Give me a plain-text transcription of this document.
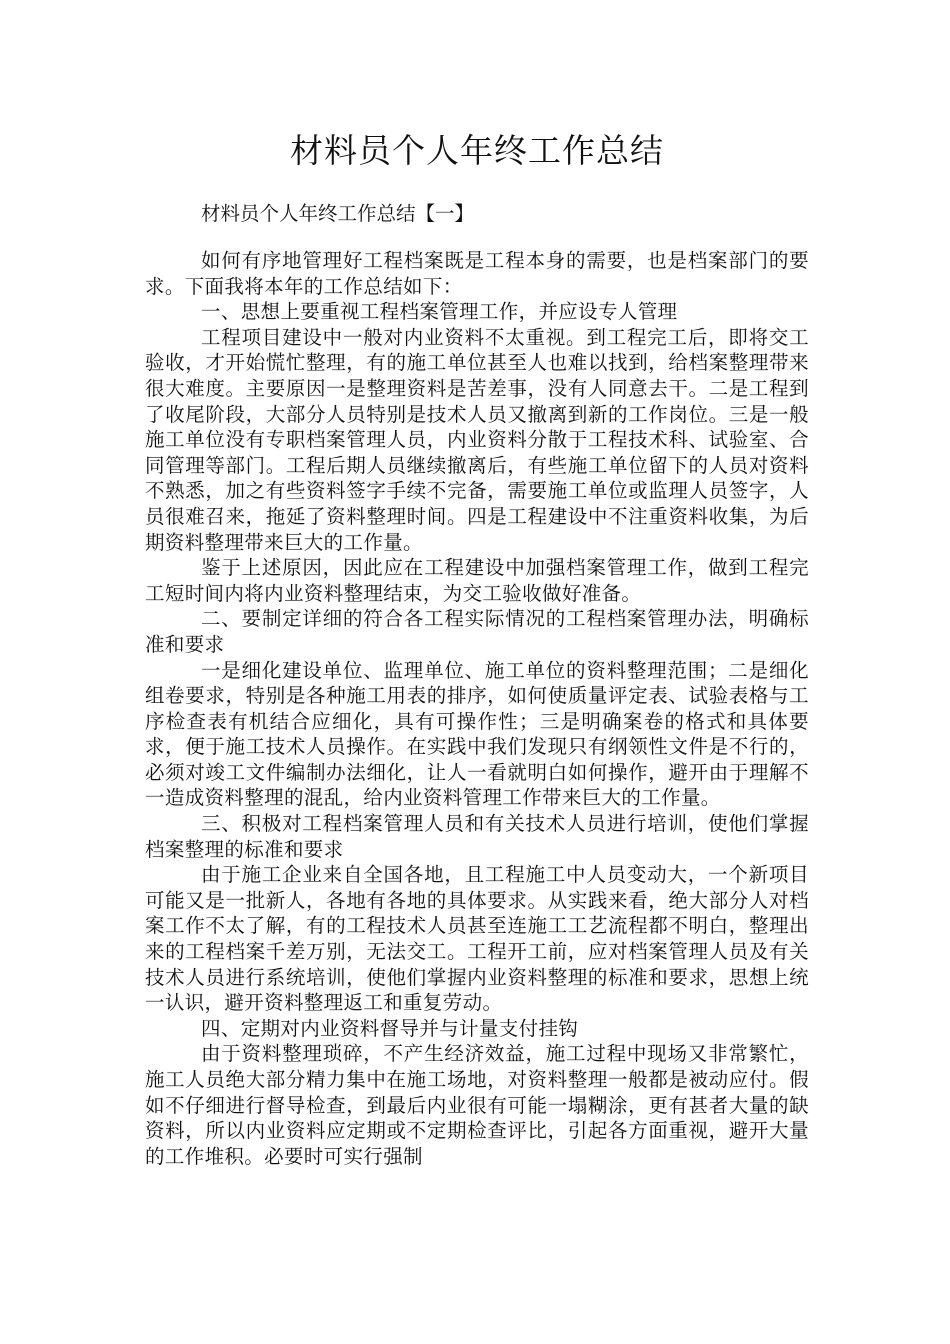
材料员个人年终工作总结

材料员个人年终工作总结【一】

如何有序地管理好工程档案既是工程本身的需要，也是档案部门的要求。下面我将本年的工作总结如下：

一、思想上要重视工程档案管理工作，并应设专人管理

工程项目建设中一般对内业资料不太重视。到工程完工后，即将交工验收，才开始慌忙整理，有的施工单位甚至人也难以找到，给档案整理带来很大难度。主要原因一是整理资料是苦差事，没有人同意去干。二是工程到了收尾阶段，大部分人员特别是技术人员又撤离到新的工作岗位。三是一般施工单位没有专职档案管理人员，内业资料分散于工程技术科、试验室、合同管理等部门。工程后期人员继续撤离后，有些施工单位留下的人员对资料不熟悉，加之有些资料签字手续不完备，需要施工单位或监理人员签字，人员很难召来，拖延了资料整理时间。四是工程建设中不注重资料收集，为后期资料整理带来巨大的工作量。

鉴于上述原因，因此应在工程建设中加强档案管理工作，做到工程完工短时间内将内业资料整理结束，为交工验收做好准备。

二、要制定详细的符合各工程实际情况的工程档案管理办法，明确标准和要求

一是细化建设单位、监理单位、施工单位的资料整理范围；二是细化组卷要求，特别是各种施工用表的排序，如何使质量评定表、试验表格与工序检查表有机结合应细化，具有可操作性；三是明确案卷的格式和具体要求，便于施工技术人员操作。在实践中我们发现只有纲领性文件是不行的，必须对竣工文件编制办法细化，让人一看就明白如何操作，避开由于理解不一造成资料整理的混乱，给内业资料管理工作带来巨大的工作量。

三、积极对工程档案管理人员和有关技术人员进行培训，使他们掌握档案整理的标准和要求

由于施工企业来自全国各地，且工程施工中人员变动大，一个新项目可能又是一批新人，各地有各地的具体要求。从实践来看，绝大部分人对档案工作不太了解，有的工程技术人员甚至连施工工艺流程都不明白，整理出来的工程档案千差万别，无法交工。工程开工前，应对档案管理人员及有关技术人员进行系统培训，使他们掌握内业资料整理的标准和要求，思想上统一认识，避开资料整理返工和重复劳动。

四、定期对内业资料督导并与计量支付挂钩

由于资料整理琐碎，不产生经济效益，施工过程中现场又非常繁忙，施工人员绝大部分精力集中在施工场地，对资料整理一般都是被动应付。假如不仔细进行督导检查，到最后内业很有可能一塌糊涂，更有甚者大量的缺资料，所以内业资料应定期或不定期检查评比，引起各方面重视，避开大量的工作堆积。必要时可实行强制
